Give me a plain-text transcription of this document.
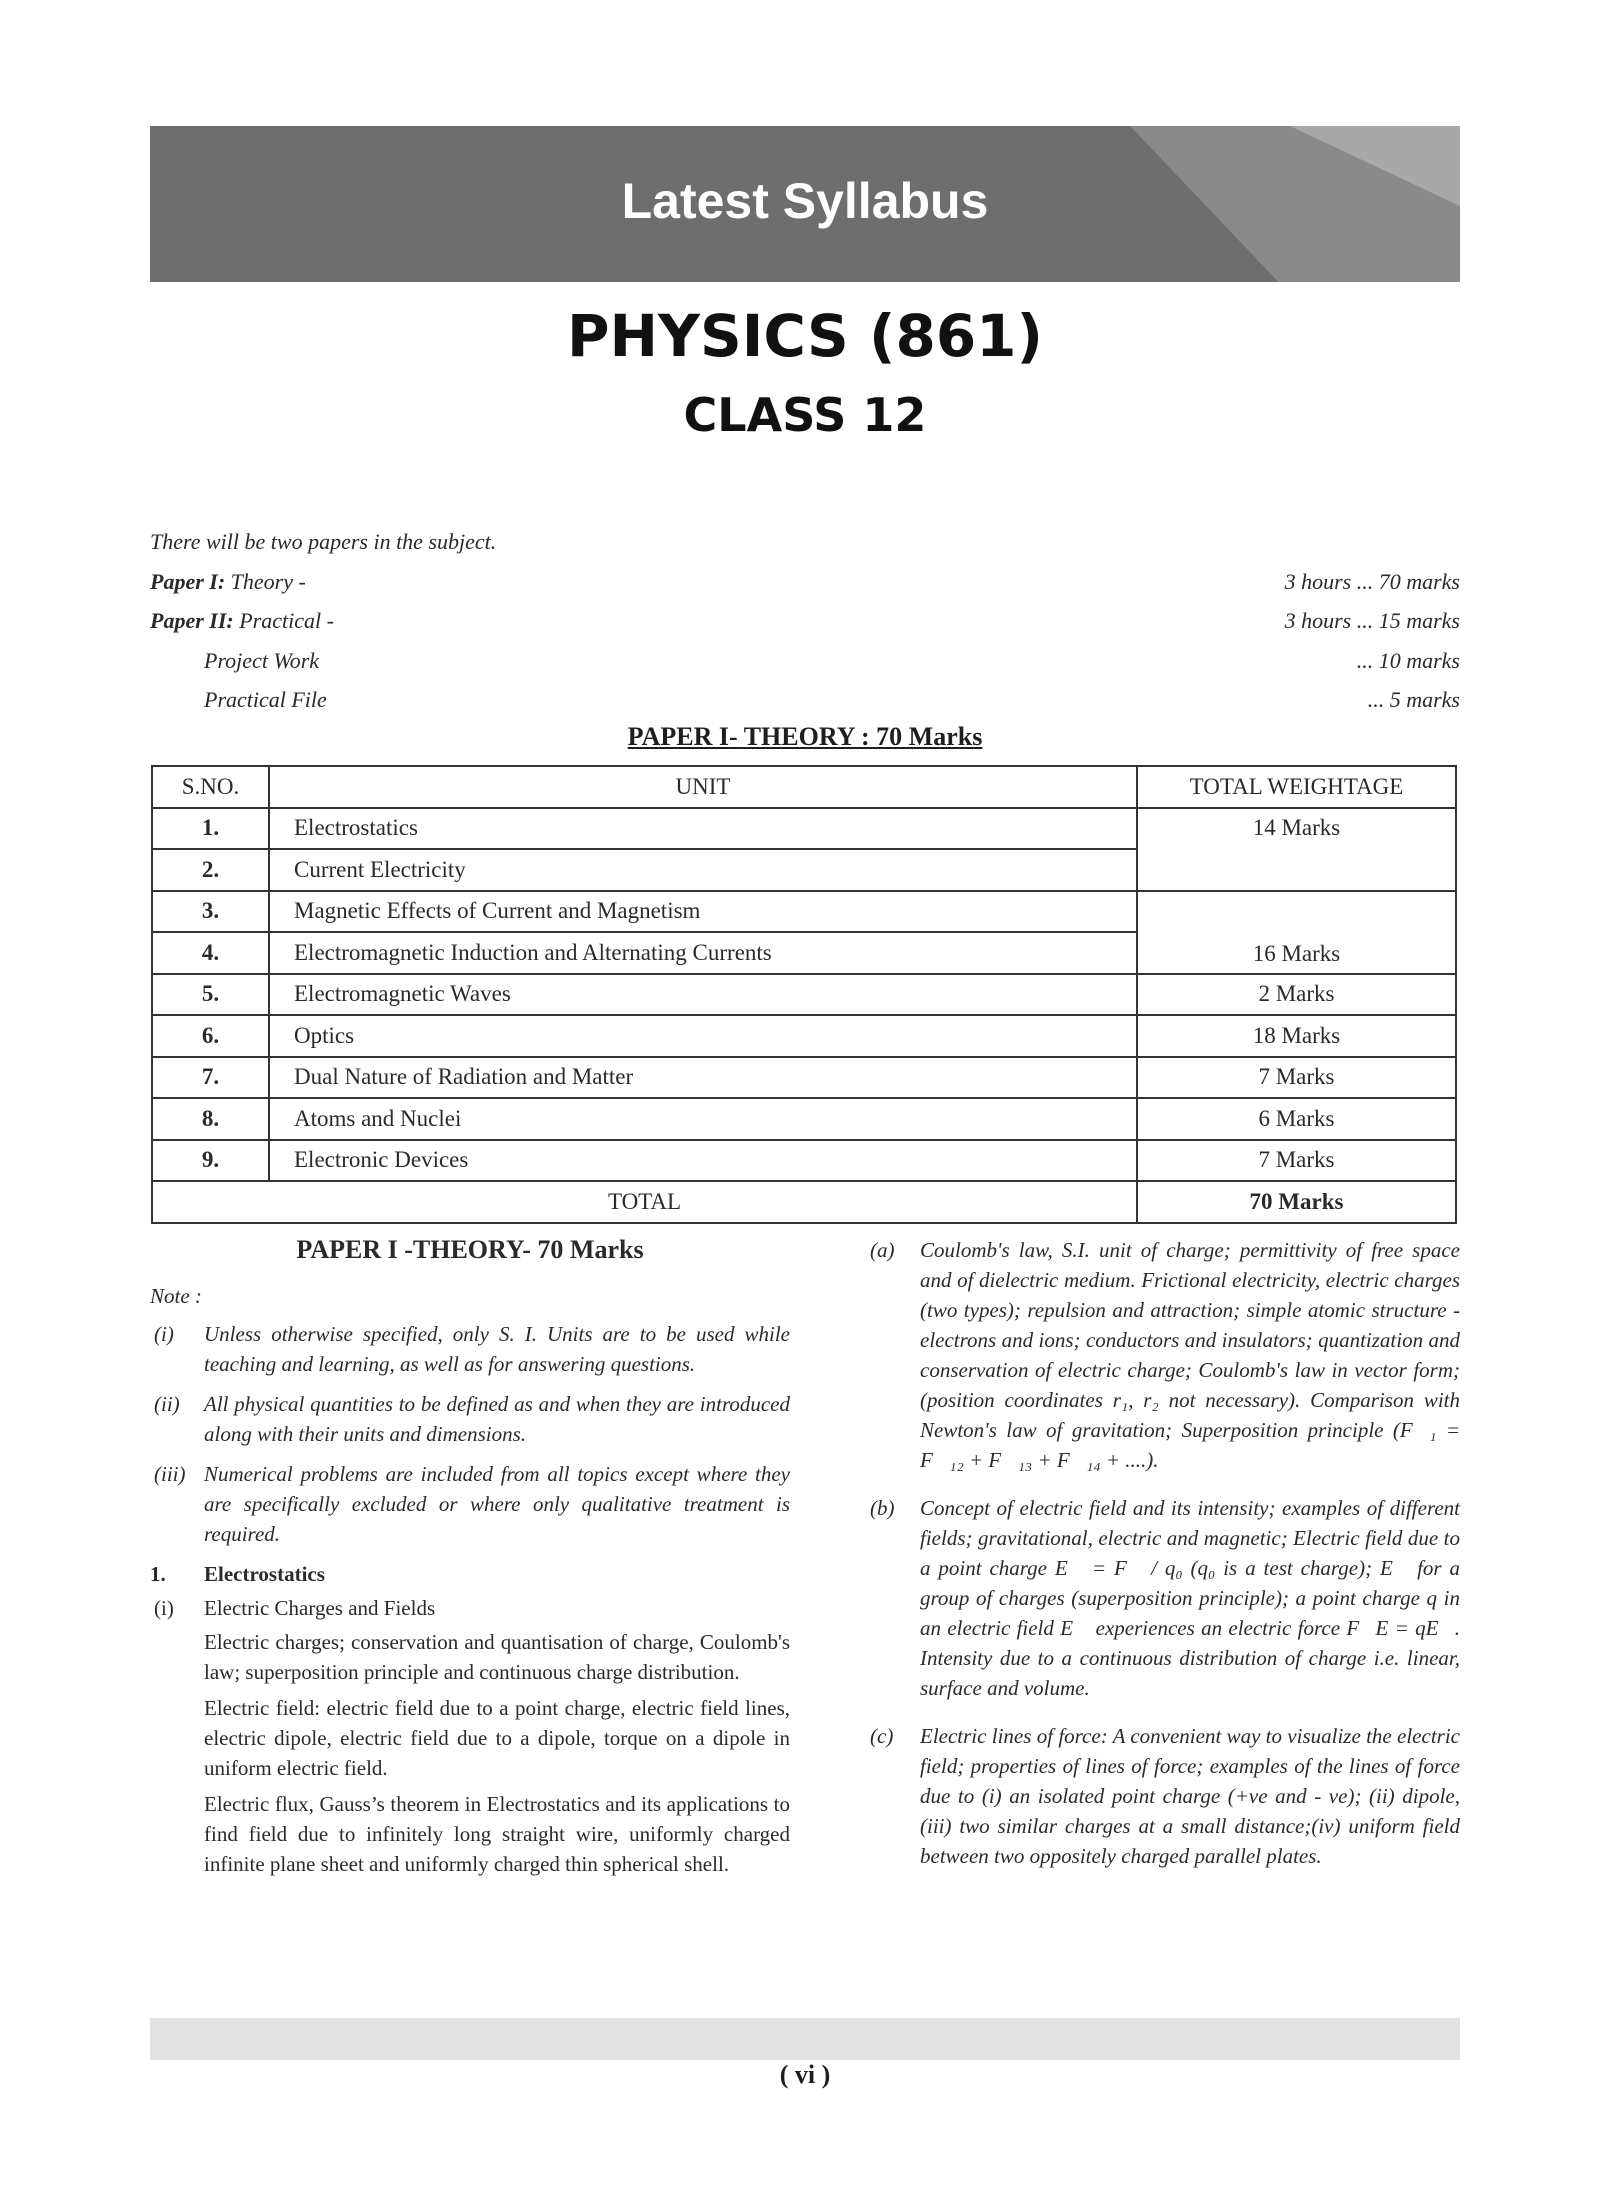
Latest Syllabus
PHYSICS (861)
CLASS 12
There will be two papers in the subject.
Paper I: Theory -	3 hours ... 70 marks
Paper II: Practical -	3 hours ... 15 marks
Project Work	... 10 marks
Practical File	... 5 marks
PAPER I- THEORY : 70 Marks
S.NO.	UNIT	TOTAL WEIGHTAGE
1.	Electrostatics	14 Marks
2.	Current Electricity	
3.	Magnetic Effects of Current and Magnetism	16 Marks
4.	Electromagnetic Induction and Alternating Currents	
5.	Electromagnetic Waves	2 Marks
6.	Optics	18 Marks
7.	Dual Nature of Radiation and Matter	7 Marks
8.	Atoms and Nuclei	6 Marks
9.	Electronic Devices	7 Marks
TOTAL		70 Marks
PAPER I -THEORY- 70 Marks
Note :
(i)	Unless otherwise specified, only S. I. Units are to be used while teaching and learning, as well as for answering questions.
(ii)	All physical quantities to be defined as and when they are introduced along with their units and dimensions.
(iii) Numerical problems are included from all topics except where they are specifically excluded or where only qualitative treatment is required.
1.	Electrostatics
(i)	Electric Charges and Fields
Electric charges; conservation and quantisation of charge, Coulomb's law; superposition principle and continuous charge distribution.
Electric field: electric field due to a point charge, electric field lines, electric dipole, electric field due to a dipole, torque on a dipole in uniform electric field.
Electric flux, Gauss’s theorem in Electrostatics and its applications to find field due to infinitely long straight wire, uniformly charged infinite plane sheet and uniformly charged thin spherical shell.
(a)	Coulomb's law, S.I. unit of charge; permittivity of free space and of dielectric medium. Frictional electricity, electric charges (two types); repulsion and attraction; simple atomic structure - electrons and ions; conductors and insulators; quantization and conservation of electric charge; Coulomb's law in vector form; (position coordinates r₁, r₂ not necessary). Comparison with Newton's law of gravitation; Superposition principle (F⃗₁ = F⃗₁₂ + F⃗₁₃ + F⃗₁₄ + ....).
(b)	Concept of electric field and its intensity; examples of different fields; gravitational, electric and magnetic; Electric field due to a point charge E⃗ = F⃗ / q₀ (q₀ is a test charge); E⃗ for a group of charges (superposition principle); a point charge q in an electric field E⃗ experiences an electric force F⃗E = qE⃗. Intensity due to a continuous distribution of charge i.e. linear, surface and volume.
(c)	Electric lines of force: A convenient way to visualize the electric field; properties of lines of force; examples of the lines of force due to (i) an isolated point charge (+ve and - ve); (ii) dipole, (iii) two similar charges at a small distance;(iv) uniform field between two oppositely charged parallel plates.
( vi )
